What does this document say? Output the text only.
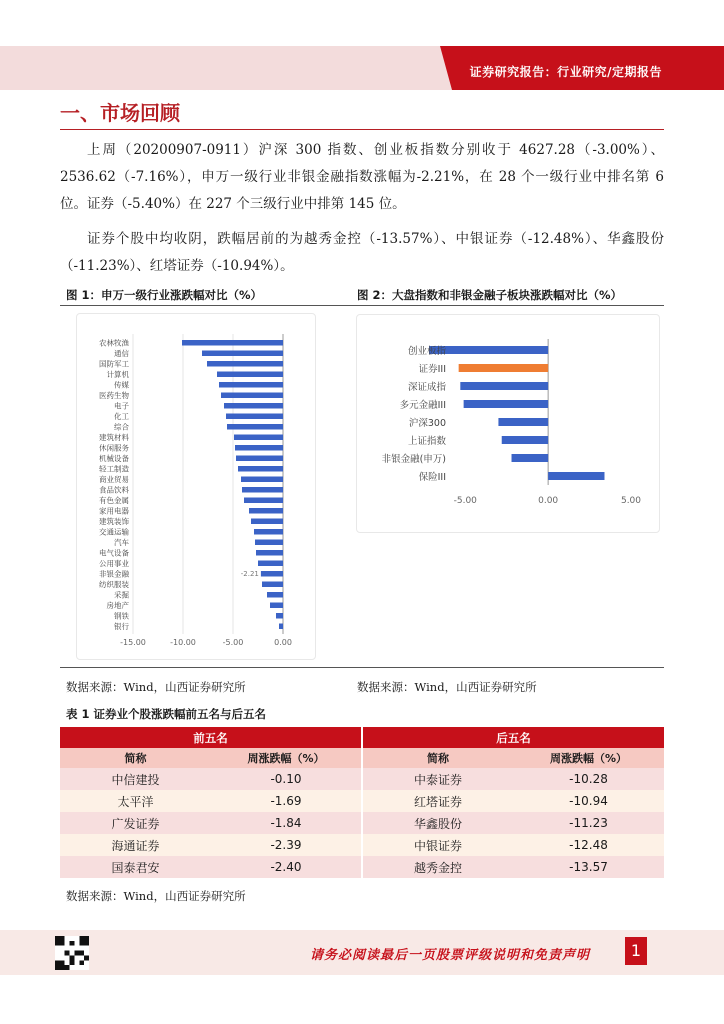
证券研究报告：行业研究/定期报告
一、市场回顾
上周（20200907-0911）沪深 300 指数、创业板指数分别收于 4627.28（-3.00%）、2536.62（-7.16%），申万一级行业非银金融指数涨幅为-2.21%，在 28 个一级行业中排名第 6 位。证券（-5.40%）在 227 个三级行业中排第 145 位。
证券个股中均收阴，跌幅居前的为越秀金控（-13.57%）、中银证券（-12.48%）、华鑫股份（-11.23%）、红塔证券（-10.94%）。
图 1：申万一级行业涨跌幅对比（%）	图 2：大盘指数和非银金融子板块涨跌幅对比（%）
-15.00	-10.00	-5.00	0.00
农林牧渔
通信
国防军工
计算机
传媒
医药生物
电子
化工
综合
建筑材料
休闲服务
机械设备
轻工制造
商业贸易
食品饮料
有色金属
家用电器
建筑装饰
交通运输
汽车
电气设备
公用事业
非银金融
纺织服装
采掘
房地产
钢铁
银行
-2.21
-5.00	0.00	5.00
创业板指
证券III
深证成指
多元金融III
沪深300
上证指数
非银金融(申万)
保险III
数据来源：Wind，山西证券研究所	数据来源：Wind，山西证券研究所
表 1 证券业个股涨跌幅前五名与后五名
前五名		后五名	
简称	周涨跌幅（%）	简称	周涨跌幅（%）
中信建投	-0.10	中泰证券	-10.28
太平洋	-1.69	红塔证券	-10.94
广发证券	-1.84	华鑫股份	-11.23
海通证券	-2.39	中银证券	-12.48
国泰君安	-2.40	越秀金控	-13.57
数据来源：Wind，山西证券研究所
请务必阅读最后一页股票评级说明和免责声明	1
